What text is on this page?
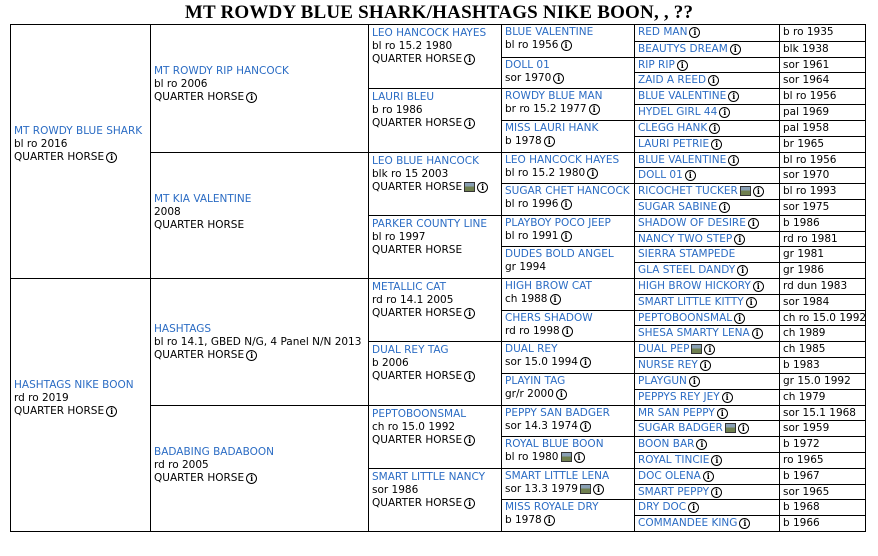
MT ROWDY BLUE SHARK/HASHTAGS NIKE BOON, , ??
MT ROWDY BLUE SHARK
bl ro 2016
QUARTER HORSE i
HASHTAGS NIKE BOON
rd ro 2019
QUARTER HORSE i
MT ROWDY RIP HANCOCK
bl ro 2006
QUARTER HORSE i
MT KIA VALENTINE
2008
QUARTER HORSE
HASHTAGS
bl ro 14.1, GBED N/G, 4 Panel N/N 2013
QUARTER HORSE i
BADABING BADABOON
rd ro 2005
QUARTER HORSE i
LEO HANCOCK HAYES
bl ro 15.2 1980
QUARTER HORSE i
LAURI BLEU
b ro 1986
QUARTER HORSE i
LEO BLUE HANCOCK
blk ro 15 2003
QUARTER HORSE i
PARKER COUNTY LINE
bl ro 1997
QUARTER HORSE
METALLIC CAT
rd ro 14.1 2005
QUARTER HORSE i
DUAL REY TAG
b 2006
QUARTER HORSE i
PEPTOBOONSMAL
ch ro 15.0 1992
QUARTER HORSE i
SMART LITTLE NANCY
sor 1986
QUARTER HORSE i
BLUE VALENTINE
bl ro 1956 i
DOLL 01
sor 1970 i
ROWDY BLUE MAN
br ro 15.2 1977 i
MISS LAURI HANK
b 1978 i
LEO HANCOCK HAYES
bl ro 15.2 1980 i
SUGAR CHET HANCOCK
bl ro 1996 i
PLAYBOY POCO JEEP
bl ro 1991 i
DUDES BOLD ANGEL
gr 1994
HIGH BROW CAT
ch 1988 i
CHERS SHADOW
rd ro 1998 i
DUAL REY
sor 15.0 1994 i
PLAYIN TAG
gr/r 2000 i
PEPPY SAN BADGER
sor 14.3 1974 i
ROYAL BLUE BOON
bl ro 1980 i
SMART LITTLE LENA
sor 13.3 1979 i
MISS ROYALE DRY
b 1978 i
RED MAN i
BEAUTYS DREAM i
RIP RIP i
ZAID A REED i
BLUE VALENTINE i
HYDEL GIRL 44 i
CLEGG HANK i
LAURI PETRIE i
BLUE VALENTINE i
DOLL 01 i
RICOCHET TUCKER i
SUGAR SABINE i
SHADOW OF DESIRE i
NANCY TWO STEP i
SIERRA STAMPEDE
GLA STEEL DANDY i
HIGH BROW HICKORY i
SMART LITTLE KITTY i
PEPTOBOONSMAL i
SHESA SMARTY LENA i
DUAL PEP i
NURSE REY i
PLAYGUN i
PEPPYS REY JEY i
MR SAN PEPPY i
SUGAR BADGER i
BOON BAR i
ROYAL TINCIE i
DOC OLENA i
SMART PEPPY i
DRY DOC i
COMMANDEE KING i
b ro 1935
blk 1938
sor 1961
sor 1964
bl ro 1956
pal 1969
pal 1958
br 1965
bl ro 1956
sor 1970
bl ro 1993
sor 1975
b 1986
rd ro 1981
gr 1981
gr 1986
rd dun 1983
sor 1984
ch ro 15.0 1992
ch 1989
ch 1985
b 1983
gr 15.0 1992
ch 1979
sor 15.1 1968
sor 1959
b 1972
ro 1965
b 1967
sor 1965
b 1968
b 1966
